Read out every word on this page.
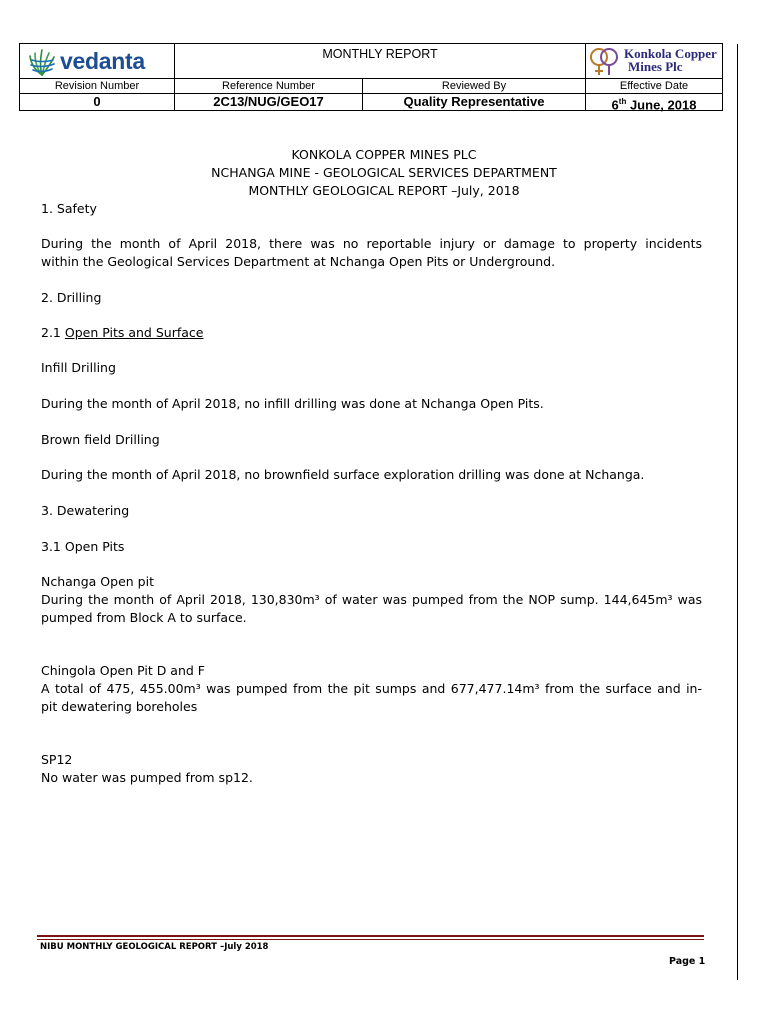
vedanta	MONTHLY REPORT	Konkola Copper
Mines Plc
Revision Number	Reference Number	Reviewed By	Effective Date
0	2C13/NUG/GEO17	Quality Representative	6th June, 2018
KONKOLA COPPER MINES PLC
NCHANGA MINE - GEOLOGICAL SERVICES DEPARTMENT
MONTHLY GEOLOGICAL REPORT –July, 2018
1. Safety
During the month of April 2018, there was no reportable injury or damage to property incidents
within the Geological Services Department at Nchanga Open Pits or Underground.
2. Drilling
2.1 Open Pits and Surface
Infill Drilling
During the month of April 2018, no infill drilling was done at Nchanga Open Pits.
Brown field Drilling
During the month of April 2018, no brownfield surface exploration drilling was done at Nchanga.
3. Dewatering
3.1 Open Pits
Nchanga Open pit
During the month of April 2018, 130,830m³ of water was pumped from the NOP sump. 144,645m³ was
pumped from Block A to surface.
Chingola Open Pit D and F
A total of 475, 455.00m³ was pumped from the pit sumps and 677,477.14m³ from the surface and in-
pit dewatering boreholes
SP12
No water was pumped from sp12.
NIBU MONTHLY GEOLOGICAL REPORT –July 2018
Page 1
